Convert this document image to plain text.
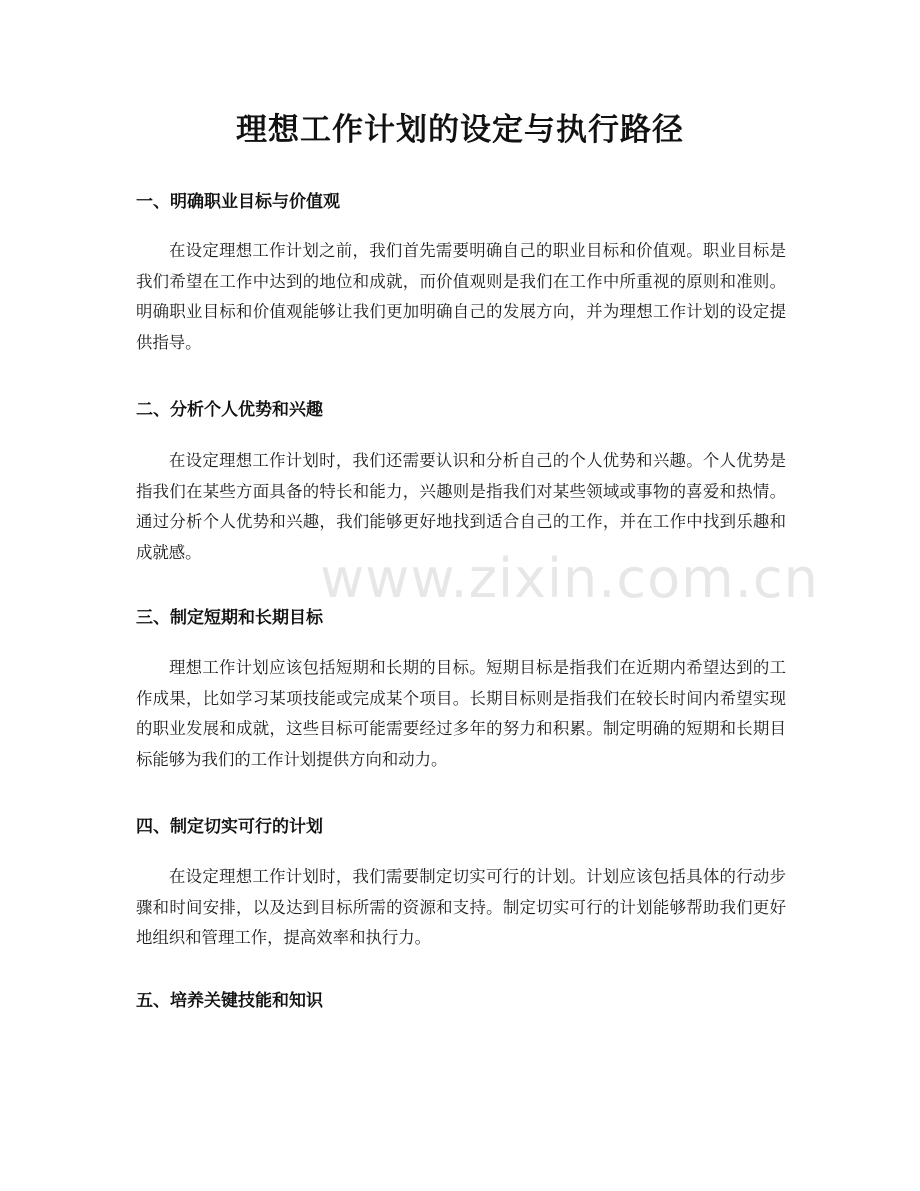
理想工作计划的设定与执行路径
一、明确职业目标与价值观

在设定理想工作计划之前，我们首先需要明确自己的职业目标和价值观。职业目标是我们希望在工作中达到的地位和成就，而价值观则是我们在工作中所重视的原则和准则。明确职业目标和价值观能够让我们更加明确自己的发展方向，并为理想工作计划的设定提供指导。

二、分析个人优势和兴趣

在设定理想工作计划时，我们还需要认识和分析自己的个人优势和兴趣。个人优势是指我们在某些方面具备的特长和能力，兴趣则是指我们对某些领域或事物的喜爱和热情。通过分析个人优势和兴趣，我们能够更好地找到适合自己的工作，并在工作中找到乐趣和成就感。

三、制定短期和长期目标

理想工作计划应该包括短期和长期的目标。短期目标是指我们在近期内希望达到的工作成果，比如学习某项技能或完成某个项目。长期目标则是指我们在较长时间内希望实现的职业发展和成就，这些目标可能需要经过多年的努力和积累。制定明确的短期和长期目标能够为我们的工作计划提供方向和动力。

四、制定切实可行的计划

在设定理想工作计划时，我们需要制定切实可行的计划。计划应该包括具体的行动步骤和时间安排，以及达到目标所需的资源和支持。制定切实可行的计划能够帮助我们更好地组织和管理工作，提高效率和执行力。

五、培养关键技能和知识
www.zixin.com.cn
